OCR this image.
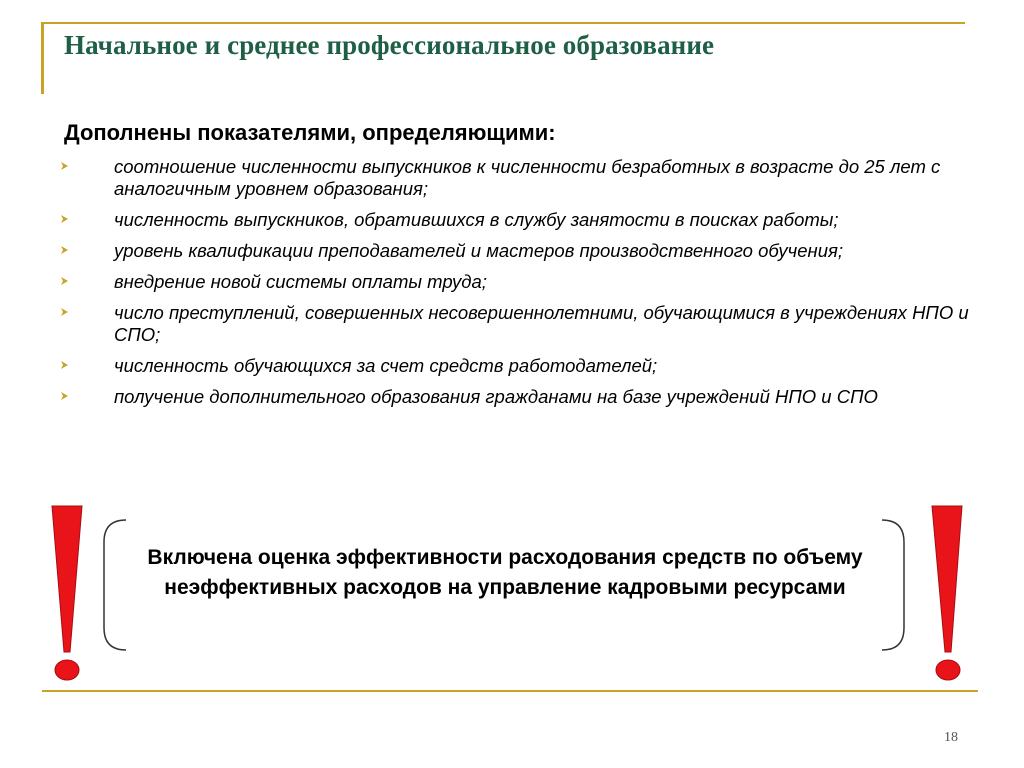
Начальное и среднее профессиональное образование
Дополнены показателями, определяющими:
соотношение численности выпускников к численности безработных в возрасте до 25 лет с аналогичным уровнем образования;
численность выпускников, обратившихся в службу занятости в поисках работы;
уровень квалификации преподавателей и мастеров производственного обучения;
внедрение новой системы оплаты труда;
число преступлений, совершенных несовершеннолетними, обучающимися в учреждениях НПО и СПО;
численность обучающихся за счет средств работодателей;
получение дополнительного образования гражданами на базе учреждений НПО и СПО

Включена оценка эффективности расходования средств по объему неэффективных расходов на управление кадровыми ресурсами

18
